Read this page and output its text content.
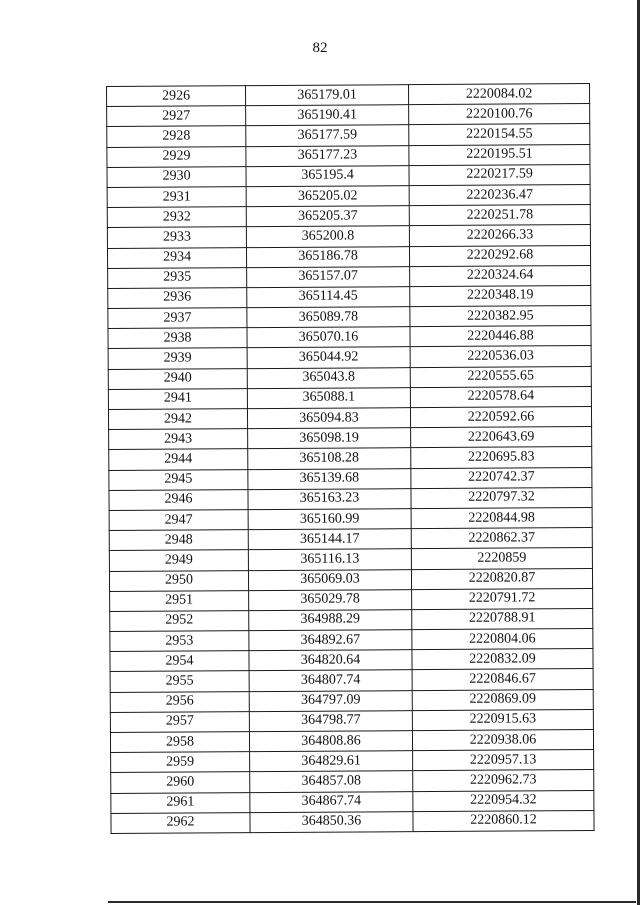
82
2926	365179.01	2220084.02
2927	365190.41	2220100.76
2928	365177.59	2220154.55
2929	365177.23	2220195.51
2930	365195.4	2220217.59
2931	365205.02	2220236.47
2932	365205.37	2220251.78
2933	365200.8	2220266.33
2934	365186.78	2220292.68
2935	365157.07	2220324.64
2936	365114.45	2220348.19
2937	365089.78	2220382.95
2938	365070.16	2220446.88
2939	365044.92	2220536.03
2940	365043.8	2220555.65
2941	365088.1	2220578.64
2942	365094.83	2220592.66
2943	365098.19	2220643.69
2944	365108.28	2220695.83
2945	365139.68	2220742.37
2946	365163.23	2220797.32
2947	365160.99	2220844.98
2948	365144.17	2220862.37
2949	365116.13	2220859
2950	365069.03	2220820.87
2951	365029.78	2220791.72
2952	364988.29	2220788.91
2953	364892.67	2220804.06
2954	364820.64	2220832.09
2955	364807.74	2220846.67
2956	364797.09	2220869.09
2957	364798.77	2220915.63
2958	364808.86	2220938.06
2959	364829.61	2220957.13
2960	364857.08	2220962.73
2961	364867.74	2220954.32
2962	364850.36	2220860.12
